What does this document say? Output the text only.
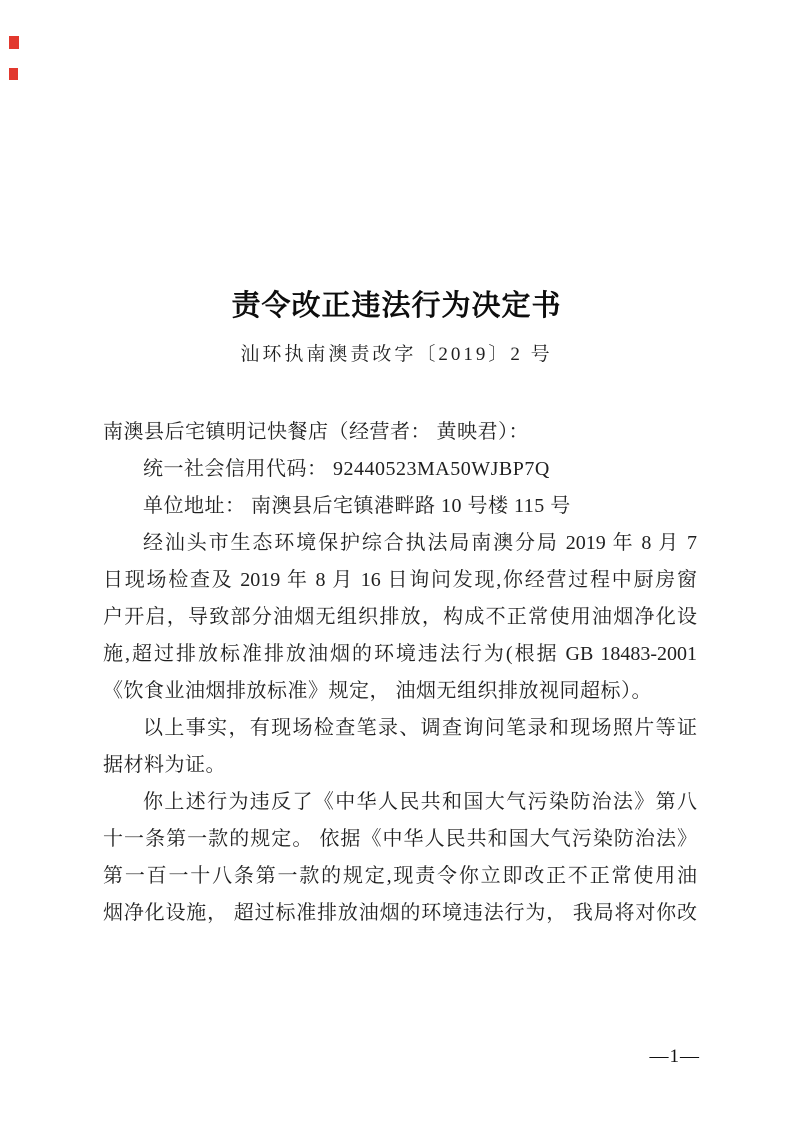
责令改正违法行为决定书
汕环执南澳责改字〔2019〕2 号
南澳县后宅镇明记快餐店（经营者： 黄映君）：
统一社会信用代码： 92440523MA50WJBP7Q
单位地址： 南澳县后宅镇港畔路 10 号楼 115 号
经汕头市生态环境保护综合执法局南澳分局 2019 年 8 月 7
日现场检查及 2019 年 8 月 16 日询问发现,你经营过程中厨房窗
户开启，导致部分油烟无组织排放，构成不正常使用油烟净化设
施,超过排放标准排放油烟的环境违法行为(根据 GB 18483-2001
《饮食业油烟排放标准》规定， 油烟无组织排放视同超标）。
以上事实，有现场检查笔录、调查询问笔录和现场照片等证
据材料为证。
你上述行为违反了《中华人民共和国大气污染防治法》第八
十一条第一款的规定。 依据《中华人民共和国大气污染防治法》
第一百一十八条第一款的规定,现责令你立即改正不正常使用油
烟净化设施， 超过标准排放油烟的环境违法行为， 我局将对你改
—1—
